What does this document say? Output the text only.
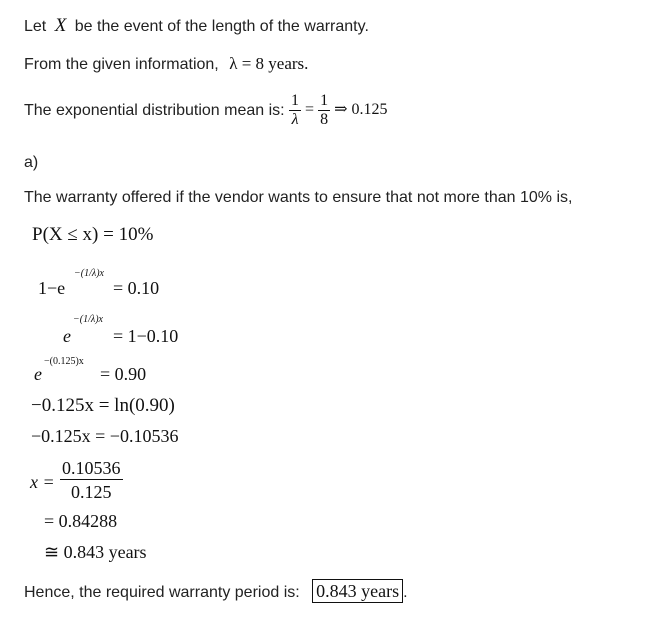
Let X be the event of the length of the warranty.
From the given information, λ = 8 years.
The exponential distribution mean is: $\frac{1}{\lambda} = \frac{1}{8}$ ⇒ 0.125
a)
The warranty offered if the vendor wants to ensure that not more than 10% is,
P(X ≤ x) = 10%
1−e
−(1/λ)x
= 0.10
e
−(1/λ)x
= 1−0.10
e
−(0.125)x
= 0.90
−0.125x = ln(0.90)
−0.125x = −0.10536
x =
0.10536
0.125
= 0.84288
≅ 0.843 years
Hence, the required warranty period is: 0.843 years .
